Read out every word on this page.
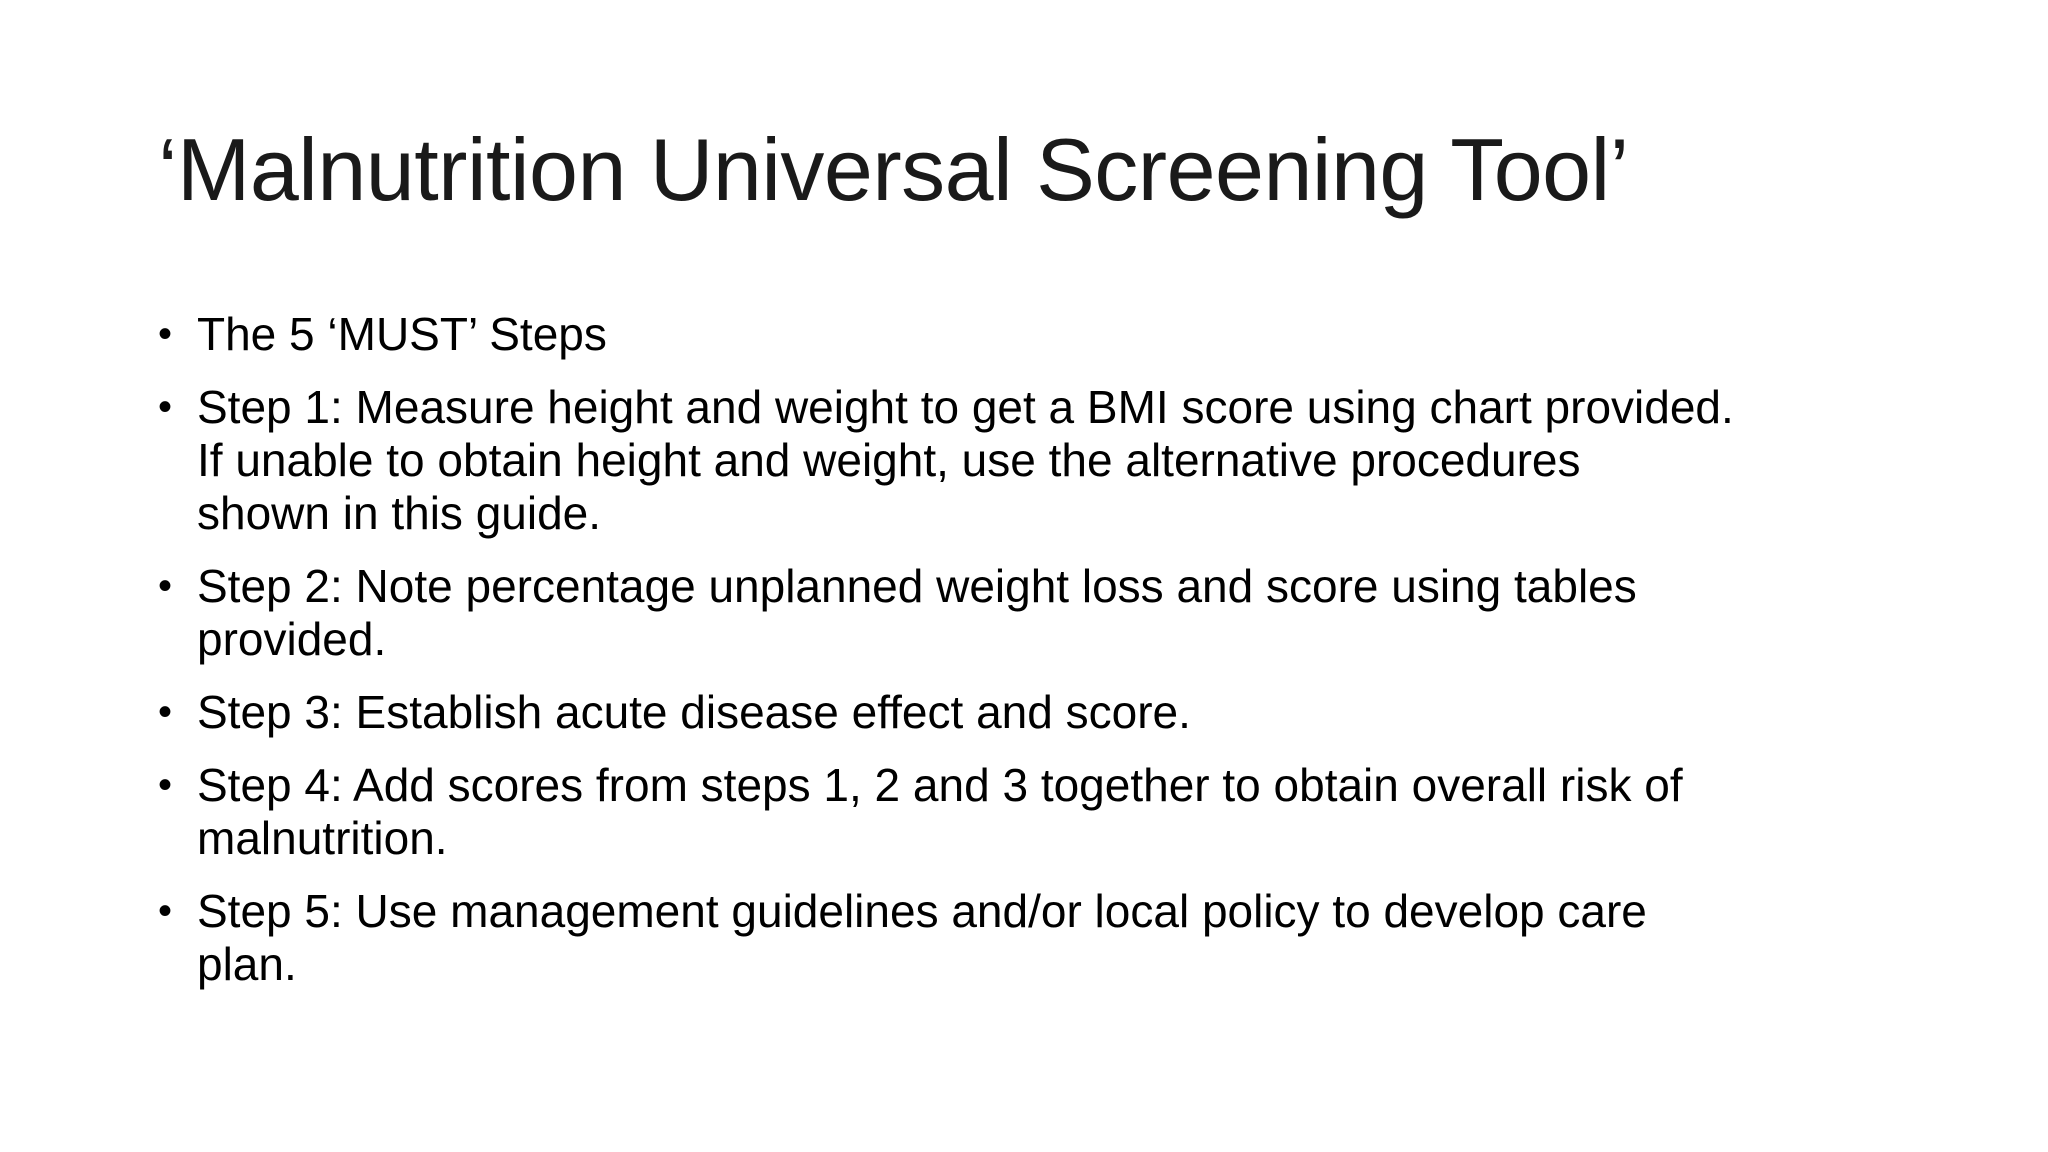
‘Malnutrition Universal Screening Tool’
• The 5 ‘MUST’ Steps
• Step 1: Measure height and weight to get a BMI score using chart provided.
If unable to obtain height and weight, use the alternative procedures
shown in this guide.
• Step 2: Note percentage unplanned weight loss and score using tables
provided.
• Step 3: Establish acute disease effect and score.
• Step 4: Add scores from steps 1, 2 and 3 together to obtain overall risk of
malnutrition.
• Step 5: Use management guidelines and/or local policy to develop care
plan.
